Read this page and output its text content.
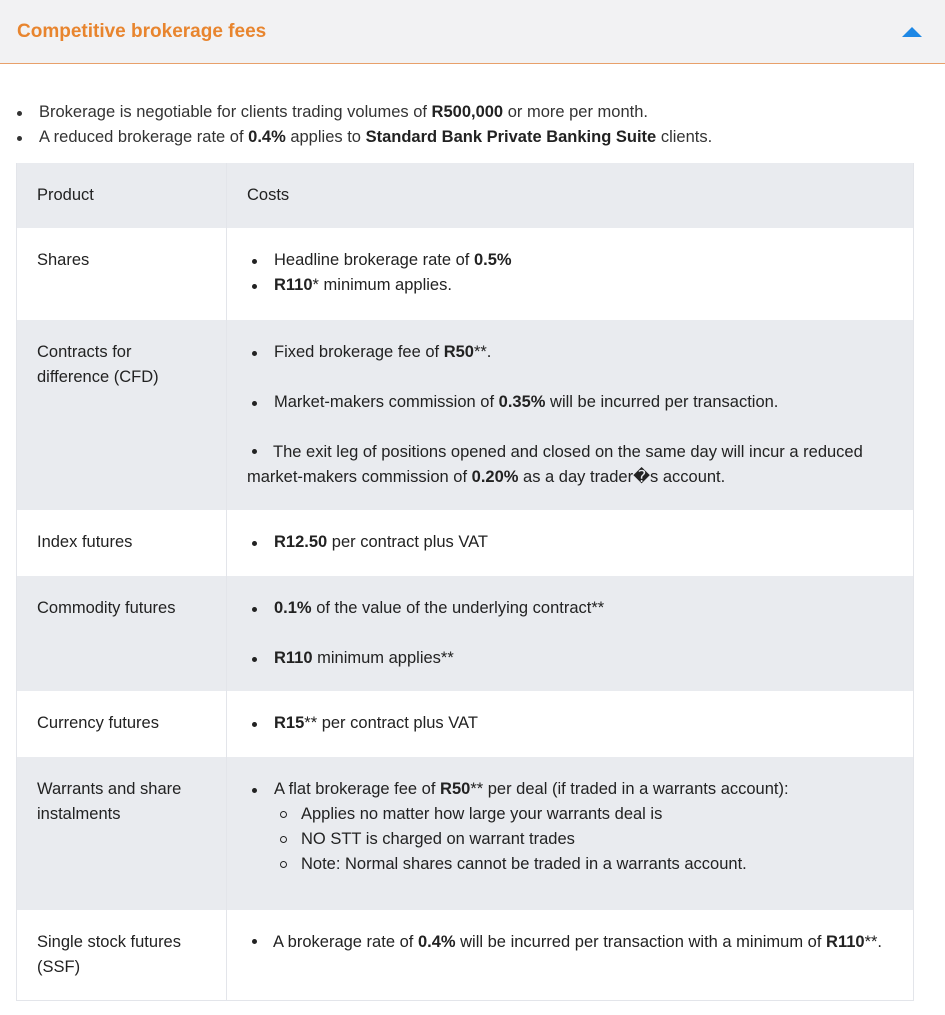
Competitive brokerage fees
Brokerage is negotiable for clients trading volumes of R500,000 or more per month.
A reduced brokerage rate of 0.4% applies to Standard Bank Private Banking Suite clients.
Product	Costs
Shares	Headline brokerage rate of 0.5%
R110* minimum applies.

Contracts for difference (CFD)	Fixed brokerage fee of R50**.
Market-makers commission of 0.35% will be incurred per transaction.
The exit leg of positions opened and closed on the same day will incur a reduced market-makers commission of 0.20% as a day trader�s account.

Index futures	R12.50 per contract plus VAT

Commodity futures	0.1% of the value of the underlying contract**
R110 minimum applies**

Currency futures	R15** per contract plus VAT

Warrants and share instalments	A flat brokerage fee of R50** per deal (if traded in a warrants account):
Applies no matter how large your warrants deal is
NO STT is charged on warrant trades
Note: Normal shares cannot be traded in a warrants account.

Single stock futures (SSF)	A brokerage rate of 0.4% will be incurred per transaction with a minimum of R110**.
